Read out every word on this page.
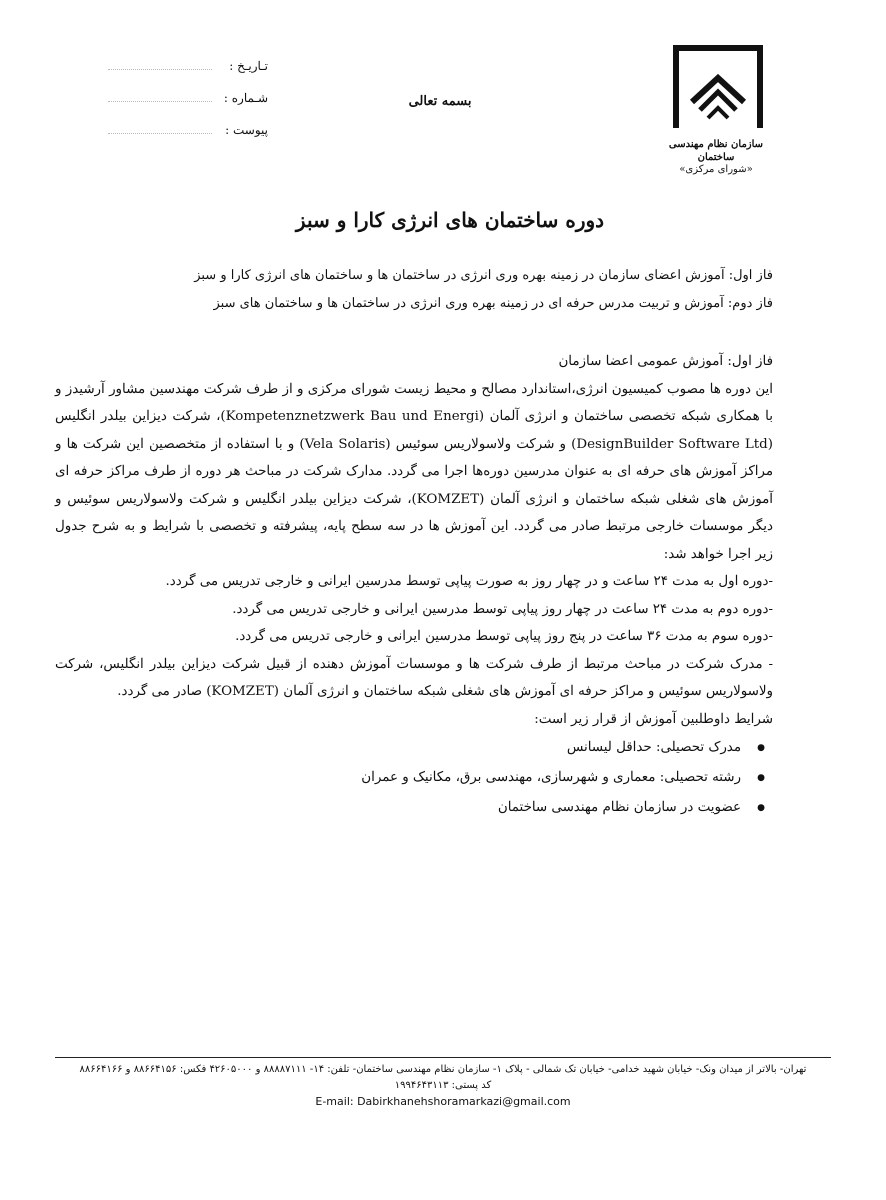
سازمان نظام مهندسی ساختمان
«شورای مرکزی»
تـاریـخ :
شـماره :
پیوست :
بسمه تعالی
دوره ساختمان های انرژی کارا و سبز
فاز اول: آموزش اعضای سازمان در زمینه بهره وری انرژی در ساختمان ها و ساختمان های انرژی کارا و سبز
فاز دوم: آموزش و تربیت مدرس حرفه ای در زمینه بهره وری انرژی در ساختمان ها و ساختمان های سبز

فاز اول: آموزش عمومی اعضا سازمان

این دوره ها مصوب کمیسیون انرژی،استاندارد مصالح و محیط زیست شورای مرکزی و از طرف شرکت مهندسین مشاور آرشیدز و با همکاری شبکه تخصصی ساختمان و انرژی آلمان (Kompetenznetzwerk Bau und Energi)، شرکت دیزاین بیلدر انگلیس (DesignBuilder Software Ltd) و شرکت ولاسولاریس سوئیس (Vela Solaris) و با استفاده از متخصصین این شرکت ها و مراکز آموزش های حرفه ای به عنوان مدرسین دوره‌ها اجرا می گردد. مدارک شرکت در مباحث هر دوره از طرف مراکز حرفه ای آموزش های شغلی شبکه ساختمان و انرژی آلمان (KOMZET)، شرکت دیزاین بیلدر انگلیس و شرکت ولاسولاریس سوئیس و دیگر موسسات خارجی مرتبط صادر می گردد. این آموزش ها در سه سطح پایه، پیشرفته و تخصصی با شرایط و به شرح جدول زیر اجرا خواهد شد:

-دوره اول به مدت ۲۴ ساعت و در چهار روز به صورت پیاپی توسط مدرسین ایرانی و خارجی تدریس می گردد.

-دوره دوم به مدت ۲۴ ساعت در چهار روز پیاپی توسط مدرسین ایرانی و خارجی تدریس می گردد.

-دوره سوم به مدت ۳۶ ساعت در پنج روز پیاپی توسط مدرسین ایرانی و خارجی تدریس می گردد.

- مدرک شرکت در مباحث مرتبط از طرف شرکت ها و موسسات آموزش دهنده از قبیل شرکت دیزاین بیلدر انگلیس، شرکت ولاسولاریس سوئیس و مراکز حرفه ای آموزش های شغلی شبکه ساختمان و انرژی آلمان (KOMZET) صادر می گردد.

شرایط داوطلبین آموزش از قرار زیر است:

● مدرک تحصیلی: حداقل لیسانس
● رشته تحصیلی: معماری و شهرسازی، مهندسی برق، مکانیک و عمران
● عضویت در سازمان نظام مهندسی ساختمان
تهران- بالاتر از میدان ونک- خیابان شهید خدامی- خیابان تک شمالی - پلاک ۱- سازمان نظام مهندسی ساختمان- تلفن: ۱۴- ۸۸۸۸۷۱۱۱ و ۴۲۶۰۵۰۰۰ فکس: ۸۸۶۶۴۱۵۶ و ۸۸۶۶۴۱۶۶
کد پستی: ۱۹۹۴۶۴۳۱۱۳
E-mail: Dabirkhanehshoramarkazi@gmail.com
